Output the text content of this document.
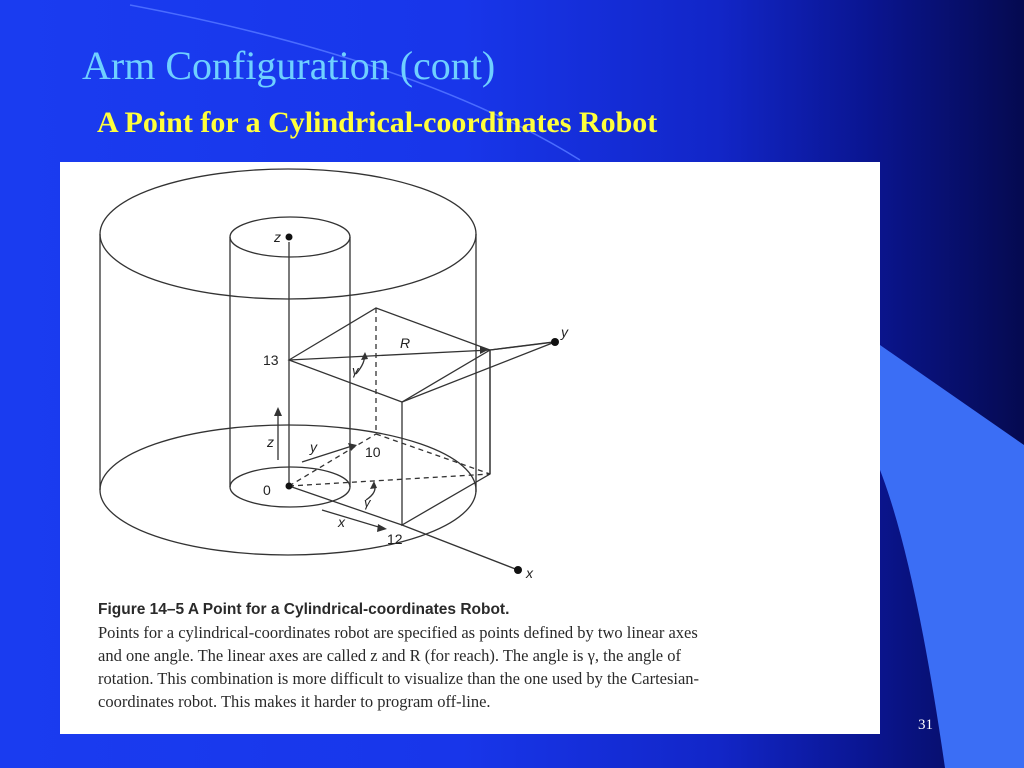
Arm Configuration (cont)
A Point for a Cylindrical-coordinates Robot
z
13
z	y	10
0
x
12
R
γ
γ
y
x
Figure 14–5 A Point for a Cylindrical-coordinates Robot.
Points for a cylindrical-coordinates robot are specified as points defined by two linear axes
and one angle. The linear axes are called z and R (for reach). The angle is γ, the angle of
rotation. This combination is more difficult to visualize than the one used by the Cartesian-
coordinates robot. This makes it harder to program off-line.
31
